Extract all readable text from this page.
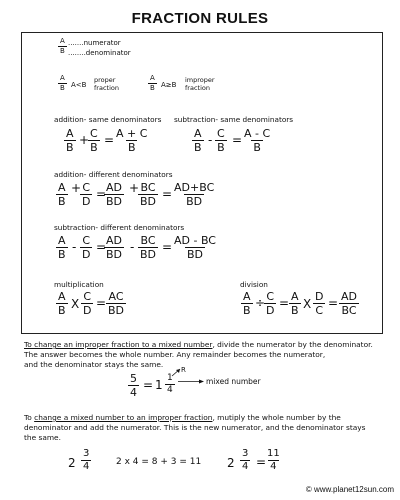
FRACTION RULES
$\frac{A}{B}$ .......numerator
........denominator
$\frac{A}{B} A<B$
proper
fraction	$\frac{A}{B} A\ge B$
improper
fraction
addition- same denominators
$\frac{A}{B}$ +
$\frac{C}{B} = \frac{A + C}{B}$
subtraction- same denominators
$\frac{A}{B} - \frac{C}{B} = \frac{A - C}{B}$
addition- different denominators
$\frac{A}{B}$ +
$\frac{C}{D}$ =
$\frac{AD}{BD}$ +
$\frac{BC}{BD} = \frac{AD+BC}{BD}$
subtraction- different denominators
$\frac{A}{B} - \frac{C}{D}$ =
$\frac{AD}{BD} - \frac{BC}{BD} = \frac{AD - BC}{BD}$
multiplication
$\frac{A}{B}$ X $\frac{C}{D} = \frac{AC}{BD}$
division
$\frac{A}{B}$ ÷
$\frac{C}{D} = \frac{A}{B}$ X $\frac{D}{C} = \frac{AD}{BC}$
To change an improper fraction to a mixed number, divide the numerator by the denominator.
The answer becomes the whole number. Any remainder becomes the numerator,
and the denominator stays the same.
$\frac{5}{4} = 1 \frac{1}{4}$
R
mixed number
To change a mixed number to an improper fraction, mutiply the whole number by the
denominator and add the numerator. This is the new numerator, and the denominator stays
the same.
$2 \frac{3}{4}$	2 x 4 = 8 + 3 = 11 $2 \frac{3}{4}$ =
$\frac{11}{4}$
© www.planet12sun.com
